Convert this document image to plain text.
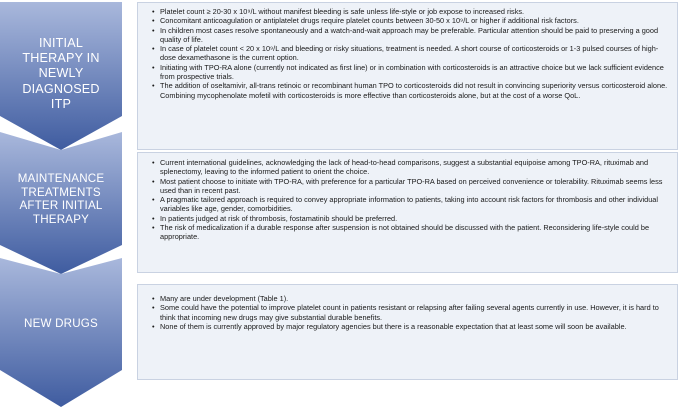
INITIAL
THERAPY IN
NEWLY
DIAGNOSED
ITP
MAINTENANCE
TREATMENTS
AFTER INITIAL
THERAPY
NEW DRUGS
• Platelet count ≥ 20-30 x 10⁹/L without manifest bleeding is safe unless life-style or job expose to increased risks.
• Concomitant anticoagulation or antiplatelet drugs require platelet counts between 30-50 x 10⁹/L or higher if additional risk factors.
• In children most cases resolve spontaneously and a watch-and-wait approach may be preferable. Particular attention should be paid to preserving a good quality of life.
• In case of platelet count < 20 x 10⁹/L and bleeding or risky situations, treatment is needed. A short course of corticosteroids or 1-3 pulsed courses of high-dose dexamethasone is the current option.
• Initiating with TPO-RA alone (currently not indicated as first line) or in combination with corticosteroids is an attractive choice but we lack sufficient evidence from prospective trials.
• The addition of oseltamivir, all-trans retinoic or recombinant human TPO to corticosteroids did not result in convincing superiority versus corticosteroid alone. Combining mycophenolate mofetil with corticosteroids is more effective than corticosteroids alone, but at the cost of a worse QoL.
• Current international guidelines, acknowledging the lack of head-to-head comparisons, suggest a substantial equipoise among TPO-RA, rituximab and splenectomy, leaving to the informed patient to orient the choice.
• Most patient choose to initiate with TPO-RA, with preference for a particular TPO-RA based on perceived convenience or tolerability. Rituximab seems less used than in recent past.
• A pragmatic tailored approach is required to convey appropriate information to patients, taking into account risk factors for thrombosis and other individual variables like age, gender, comorbidities.
• In patients judged at risk of thrombosis, fostamatinib should be preferred.
• The risk of medicalization if a durable response after suspension is not obtained should be discussed with the patient. Reconsidering life-style could be appropriate.
• Many are under development (Table 1).
• Some could have the potential to improve platelet count in patients resistant or relapsing after failing several agents currently in use. However, it is hard to think that incoming new drugs may give substantial durable benefits.
• None of them is currently approved by major regulatory agencies but there is a reasonable expectation that at least some will soon be available.
